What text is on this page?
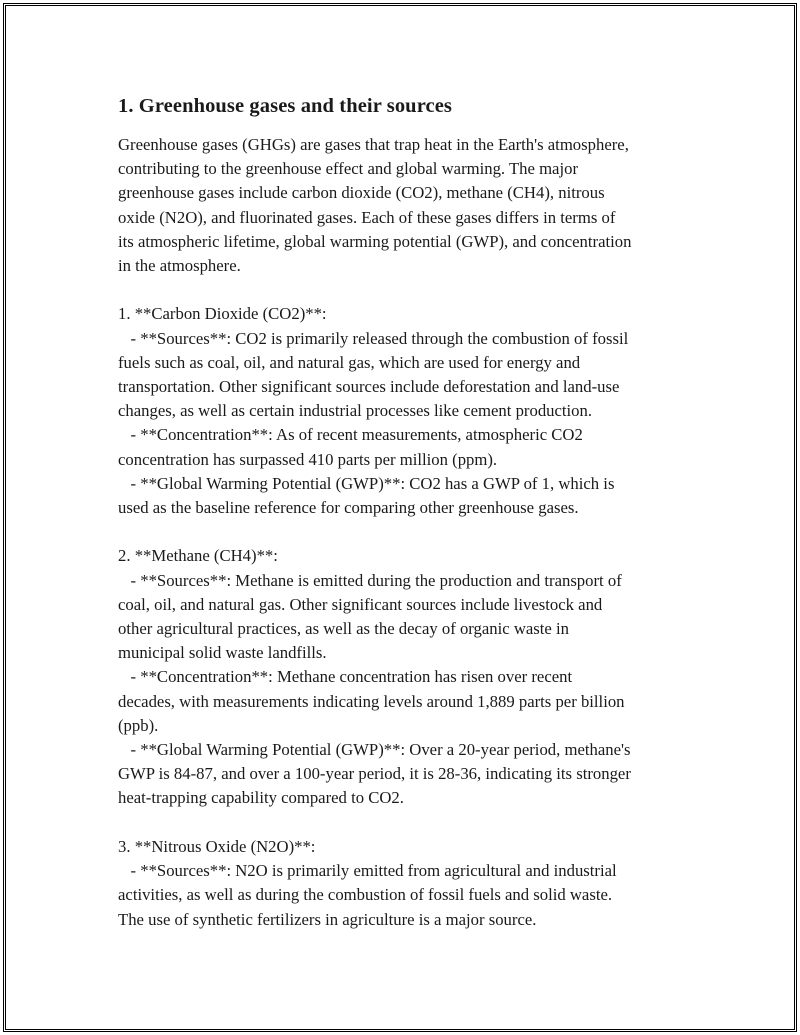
1. Greenhouse gases and their sources

Greenhouse gases (GHGs) are gases that trap heat in the Earth's atmosphere,
contributing to the greenhouse effect and global warming. The major
greenhouse gases include carbon dioxide (CO2), methane (CH4), nitrous
oxide (N2O), and fluorinated gases. Each of these gases differs in terms of
its atmospheric lifetime, global warming potential (GWP), and concentration
in the atmosphere.

1. **Carbon Dioxide (CO2)**:
- **Sources**: CO2 is primarily released through the combustion of fossil
fuels such as coal, oil, and natural gas, which are used for energy and
transportation. Other significant sources include deforestation and land-use
changes, as well as certain industrial processes like cement production.
- **Concentration**: As of recent measurements, atmospheric CO2
concentration has surpassed 410 parts per million (ppm).
- **Global Warming Potential (GWP)**: CO2 has a GWP of 1, which is
used as the baseline reference for comparing other greenhouse gases.

2. **Methane (CH4)**:
- **Sources**: Methane is emitted during the production and transport of
coal, oil, and natural gas. Other significant sources include livestock and
other agricultural practices, as well as the decay of organic waste in
municipal solid waste landfills.
- **Concentration**: Methane concentration has risen over recent
decades, with measurements indicating levels around 1,889 parts per billion
(ppb).
- **Global Warming Potential (GWP)**: Over a 20-year period, methane's
GWP is 84-87, and over a 100-year period, it is 28-36, indicating its stronger
heat-trapping capability compared to CO2.

3. **Nitrous Oxide (N2O)**:
- **Sources**: N2O is primarily emitted from agricultural and industrial
activities, as well as during the combustion of fossil fuels and solid waste.
The use of synthetic fertilizers in agriculture is a major source.
